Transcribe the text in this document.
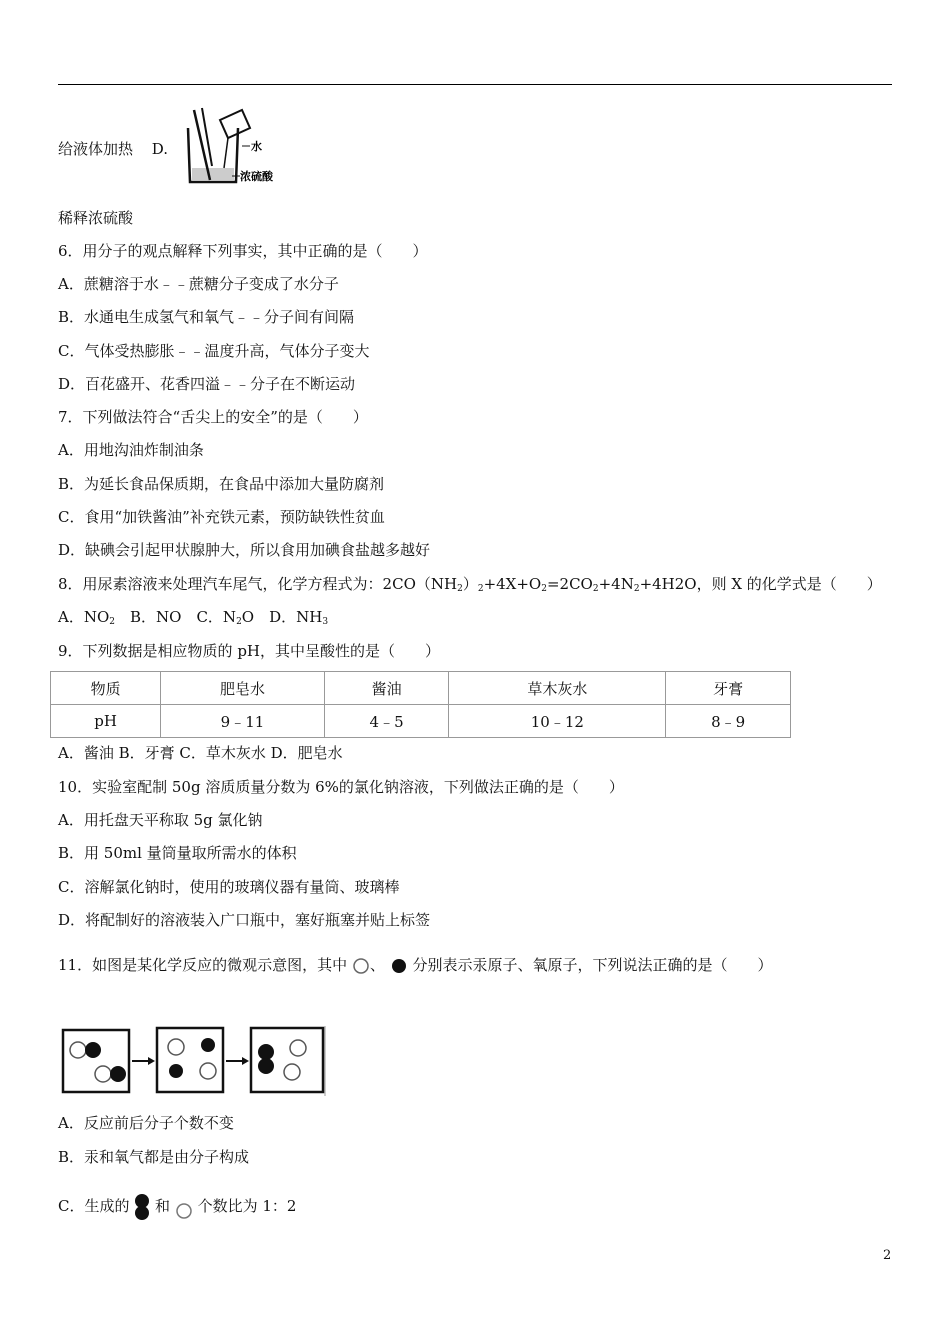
给液体加热 D.	水
浓硫酸
稀释浓硫酸
6．用分子的观点解释下列事实，其中正确的是（　　）
A．蔗糖溶于水﹣﹣蔗糖分子变成了水分子
B．水通电生成氢气和氧气﹣﹣分子间有间隔
C．气体受热膨胀﹣﹣温度升高，气体分子变大
D．百花盛开、花香四溢﹣﹣分子在不断运动
7．下列做法符合“舌尖上的安全”的是（　　）
A．用地沟油炸制油条
B．为延长食品保质期，在食品中添加大量防腐剂
C．食用“加铁酱油”补充铁元素，预防缺铁性贫血
D．缺碘会引起甲状腺肿大，所以食用加碘食盐越多越好
8．用尿素溶液来处理汽车尾气，化学方程式为：$2CO(NH_2)_2+4X+O_2=2CO_2+4N_2+4H2O$，则 X 的化学式是（　　）
A．$NO_2$　B．NO　C．$N_2O$　D．$NH_3$
9．下列数据是相应物质的 pH，其中呈酸性的是（　　）
物质	肥皂水	酱油	草木灰水	牙膏
pH	9﹣11	4﹣5	10﹣12	8﹣9
A．酱油 B．牙膏 C．草木灰水 D．肥皂水
10．实验室配制 50g 溶质质量分数为 6%的氯化钠溶液，下列做法正确的是（　　）
A．用托盘天平称取 5g 氯化钠
B．用 50ml 量筒量取所需水的体积
C．溶解氯化钠时，使用的玻璃仪器有量筒、玻璃棒
D．将配制好的溶液装入广口瓶中，塞好瓶塞并贴上标签
11．如图是某化学反应的微观示意图，其中 、 分别表示汞原子、氧原子，下列说法正确的是（　　）
A．反应前后分子个数不变
B．汞和氧气都是由分子构成
C．生成的 和 个数比为 1：2
2
